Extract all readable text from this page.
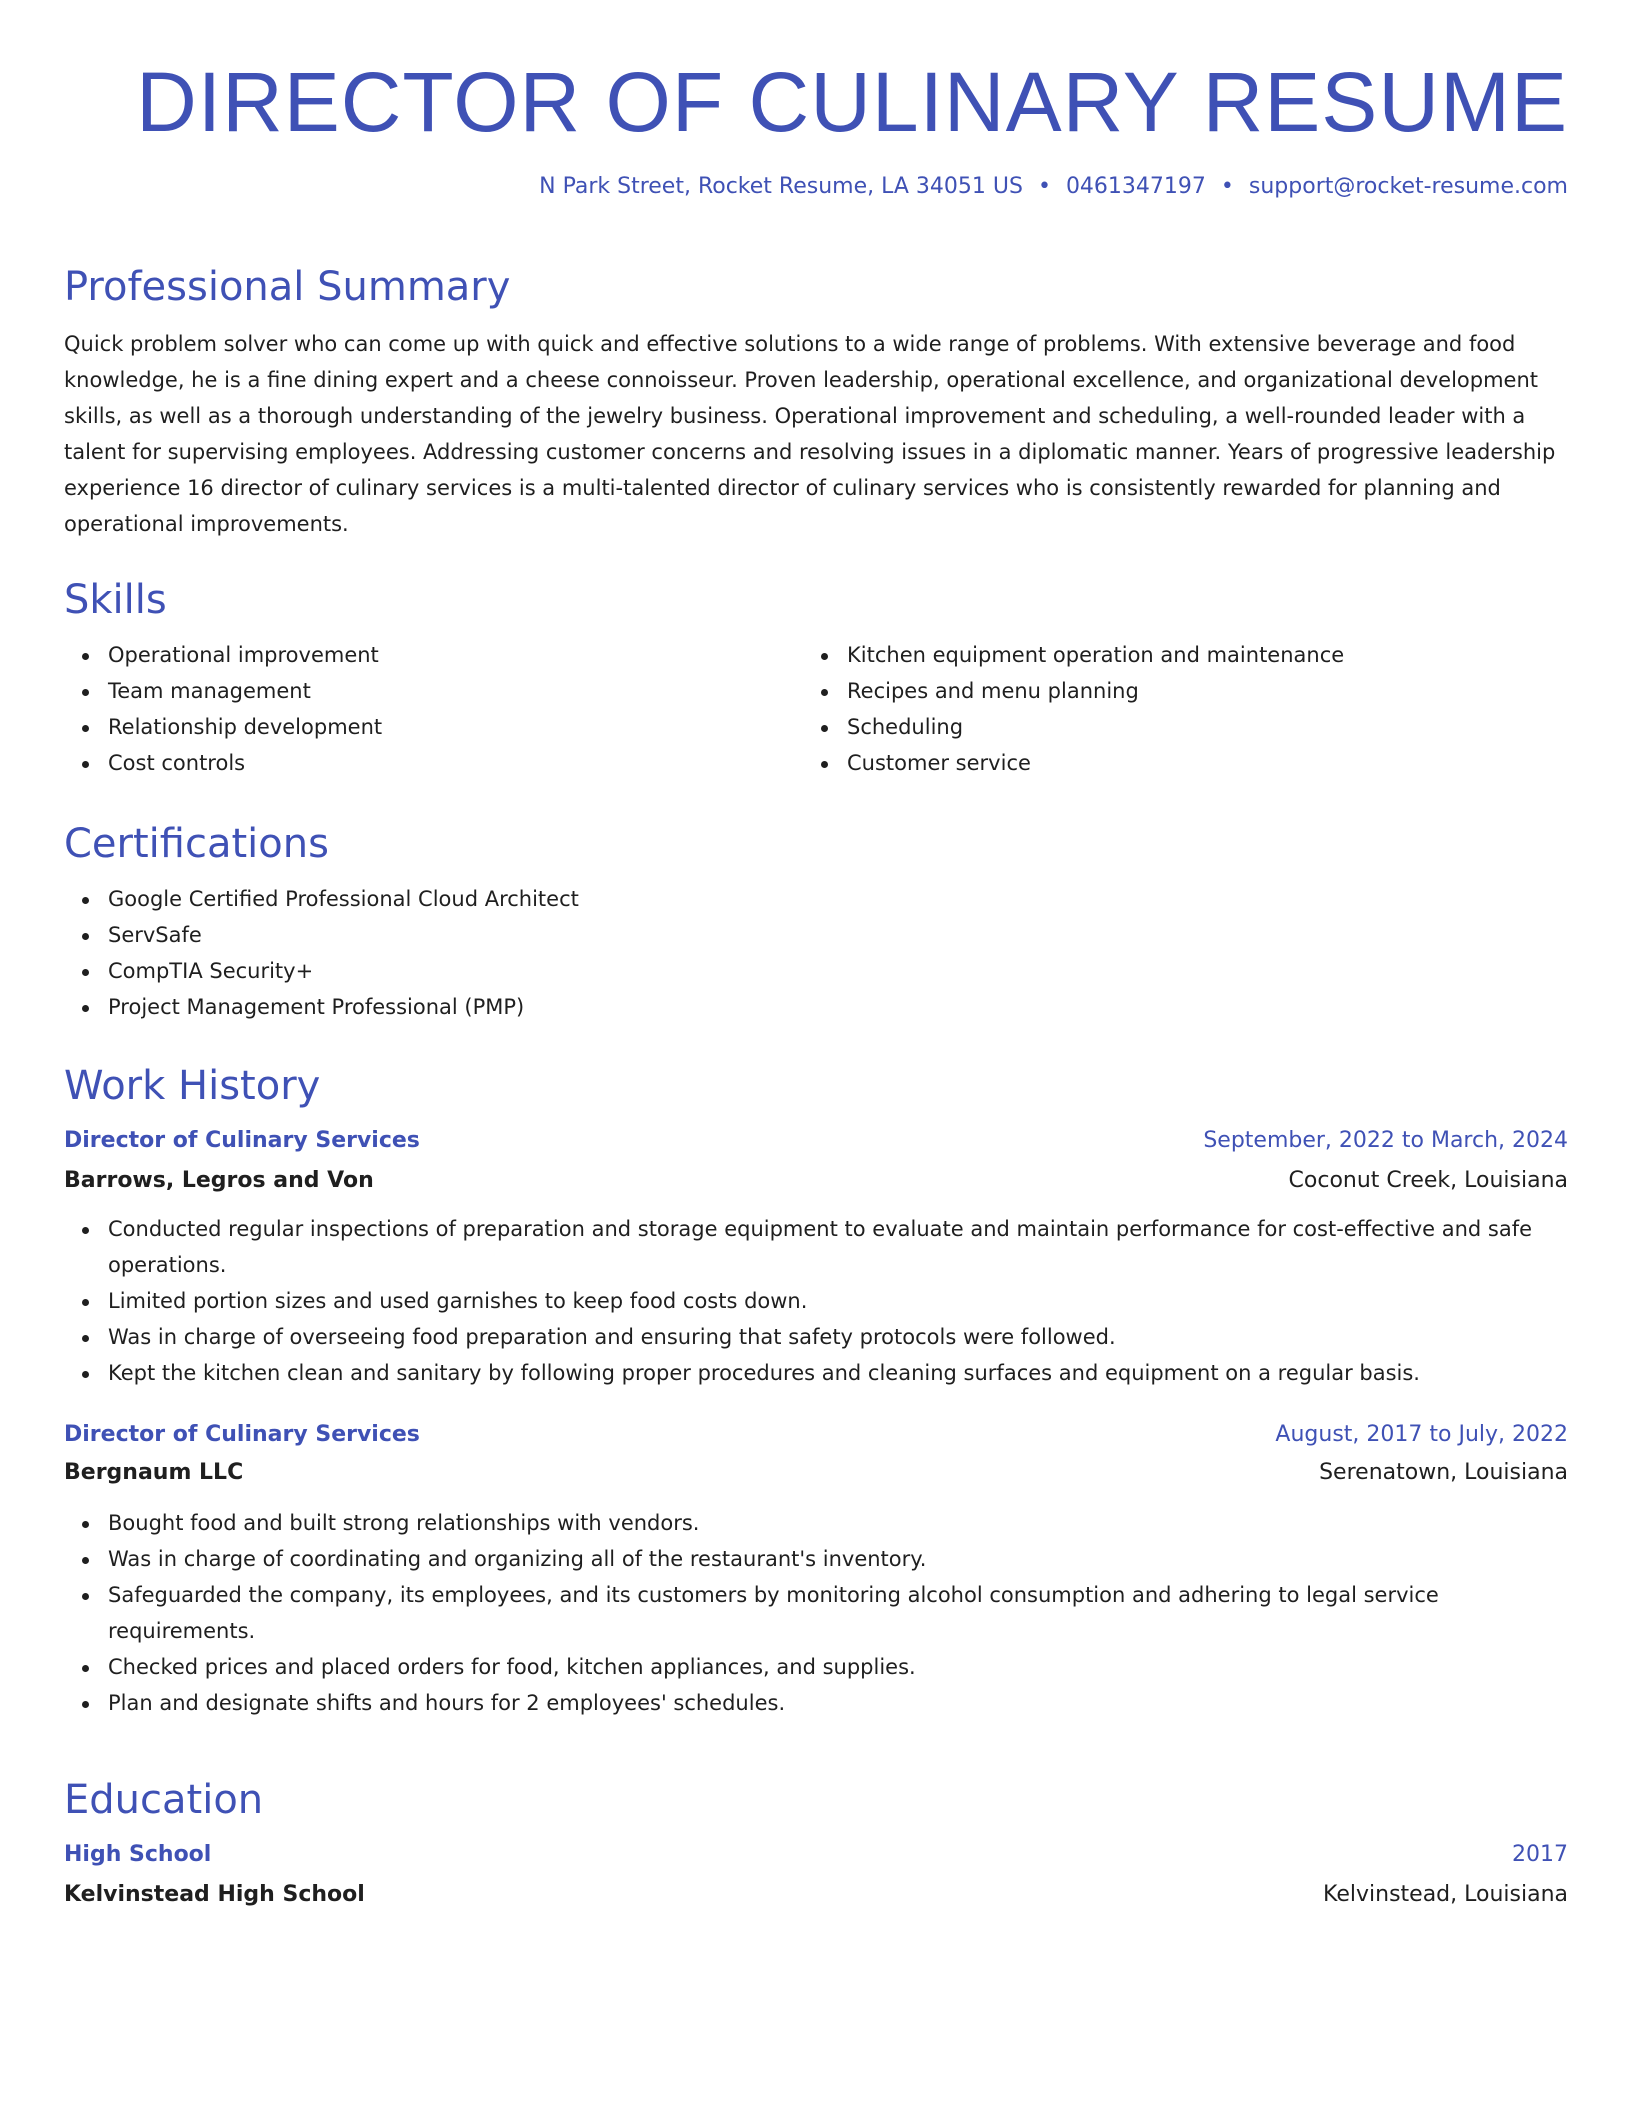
DIRECTOR OF CULINARY RESUME
N Park Street, Rocket Resume, LA 34051 US • 0461347197 • support@rocket-resume.com
Professional Summary

Quick problem solver who can come up with quick and effective solutions to a wide range of problems. With extensive beverage and food knowledge, he is a fine dining expert and a cheese connoisseur. Proven leadership, operational excellence, and organizational development skills, as well as a thorough understanding of the jewelry business. Operational improvement and scheduling, a well-rounded leader with a talent for supervising employees. Addressing customer concerns and resolving issues in a diplomatic manner. Years of progressive leadership experience 16 director of culinary services is a multi-talented director of culinary services who is consistently rewarded for planning and operational improvements.

Skills
Operational improvement
Team management
Relationship development
Cost controls
Kitchen equipment operation and maintenance
Recipes and menu planning
Scheduling
Customer service
Certifications
Google Certified Professional Cloud Architect
ServSafe
CompTIA Security+
Project Management Professional (PMP)
Work History
Director of Culinary Services	September, 2022 to March, 2024
Barrows, Legros and Von	Coconut Creek, Louisiana
Conducted regular inspections of preparation and storage equipment to evaluate and maintain performance for cost-effective and safe operations.
Limited portion sizes and used garnishes to keep food costs down.
Was in charge of overseeing food preparation and ensuring that safety protocols were followed.
Kept the kitchen clean and sanitary by following proper procedures and cleaning surfaces and equipment on a regular basis.
Director of Culinary Services	August, 2017 to July, 2022
Bergnaum LLC	Serenatown, Louisiana
Bought food and built strong relationships with vendors.
Was in charge of coordinating and organizing all of the restaurant's inventory.
Safeguarded the company, its employees, and its customers by monitoring alcohol consumption and adhering to legal service requirements.
Checked prices and placed orders for food, kitchen appliances, and supplies.
Plan and designate shifts and hours for 2 employees' schedules.
Education
High School	2017
Kelvinstead High School	Kelvinstead, Louisiana
